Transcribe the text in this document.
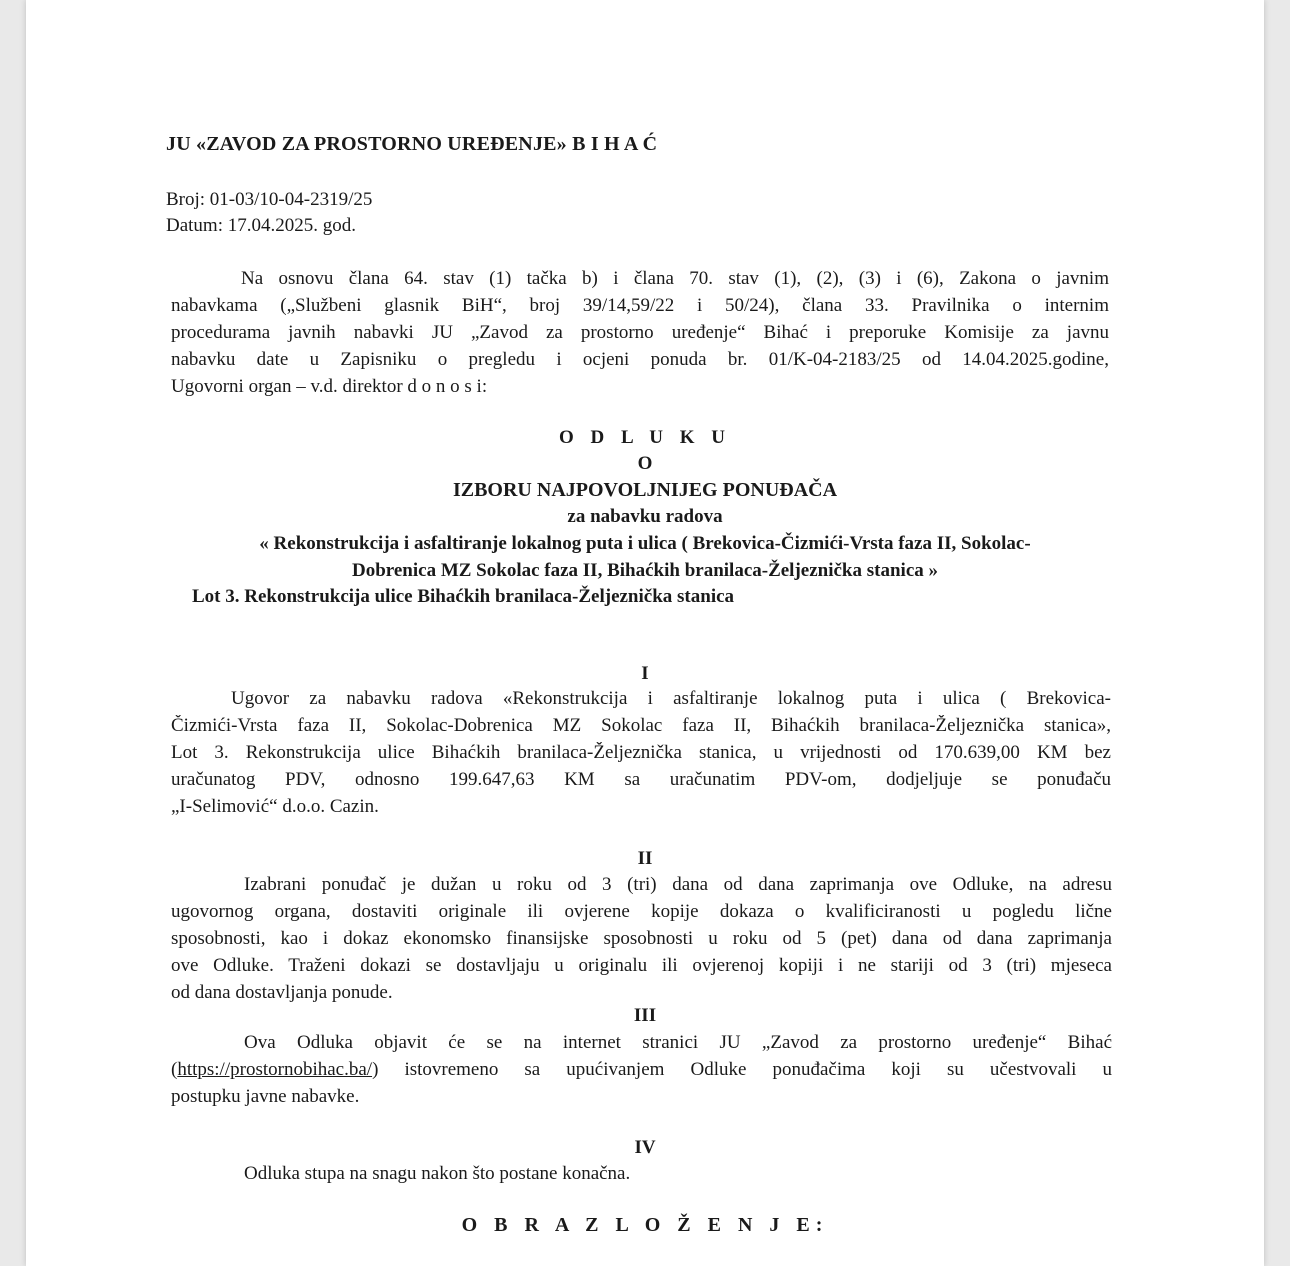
JU «ZAVOD ZA PROSTORNO UREĐENJE» B I H A Ć
Broj: 01-03/10-04-2319/25
Datum: 17.04.2025. god.
Na osnovu člana 64. stav (1) tačka b) i člana 70. stav (1), (2), (3) i (6), Zakona o javnim
nabavkama („Službeni glasnik BiH“, broj 39/14,59/22 i 50/24), člana 33. Pravilnika o internim
procedurama javnih nabavki JU „Zavod za prostorno uređenje“ Bihać i preporuke Komisije za javnu
nabavku date u Zapisniku o pregledu i ocjeni ponuda br. 01/K-04-2183/25 od 14.04.2025.godine,
Ugovorni organ – v.d. direktor d o n o s i:
O D L U K U
O
IZBORU NAJPOVOLJNIJEG PONUĐAČA
za nabavku radova
« Rekonstrukcija i asfaltiranje lokalnog puta i ulica ( Brekovica-Čizmići-Vrsta faza II, Sokolac-
Dobrenica MZ Sokolac faza II, Bihaćkih branilaca-Željeznička stanica »
Lot 3. Rekonstrukcija ulice Bihaćkih branilaca-Željeznička stanica
I
Ugovor za nabavku radova «Rekonstrukcija i asfaltiranje lokalnog puta i ulica ( Brekovica-
Čizmići-Vrsta faza II, Sokolac-Dobrenica MZ Sokolac faza II, Bihaćkih branilaca-Željeznička stanica»,
Lot 3. Rekonstrukcija ulice Bihaćkih branilaca-Željeznička stanica, u vrijednosti od 170.639,00 KM bez
uračunatog PDV, odnosno 199.647,63 KM sa uračunatim PDV-om, dodjeljuje se ponuđaču
„I-Selimović“ d.o.o. Cazin.
II
Izabrani ponuđač je dužan u roku od 3 (tri) dana od dana zaprimanja ove Odluke, na adresu
ugovornog organa, dostaviti originale ili ovjerene kopije dokaza o kvalificiranosti u pogledu lične
sposobnosti, kao i dokaz ekonomsko finansijske sposobnosti u roku od 5 (pet) dana od dana zaprimanja
ove Odluke. Traženi dokazi se dostavljaju u originalu ili ovjerenoj kopiji i ne stariji od 3 (tri) mjeseca
od dana dostavljanja ponude.
III
Ova Odluka objavit će se na internet stranici JU „Zavod za prostorno uređenje“ Bihać
(https://prostornobihac.ba/) istovremeno sa upućivanjem Odluke ponuđačima koji su učestvovali u
postupku javne nabavke.
IV
Odluka stupa na snagu nakon što postane konačna.
O B R A Z L O Ž E N J E:
